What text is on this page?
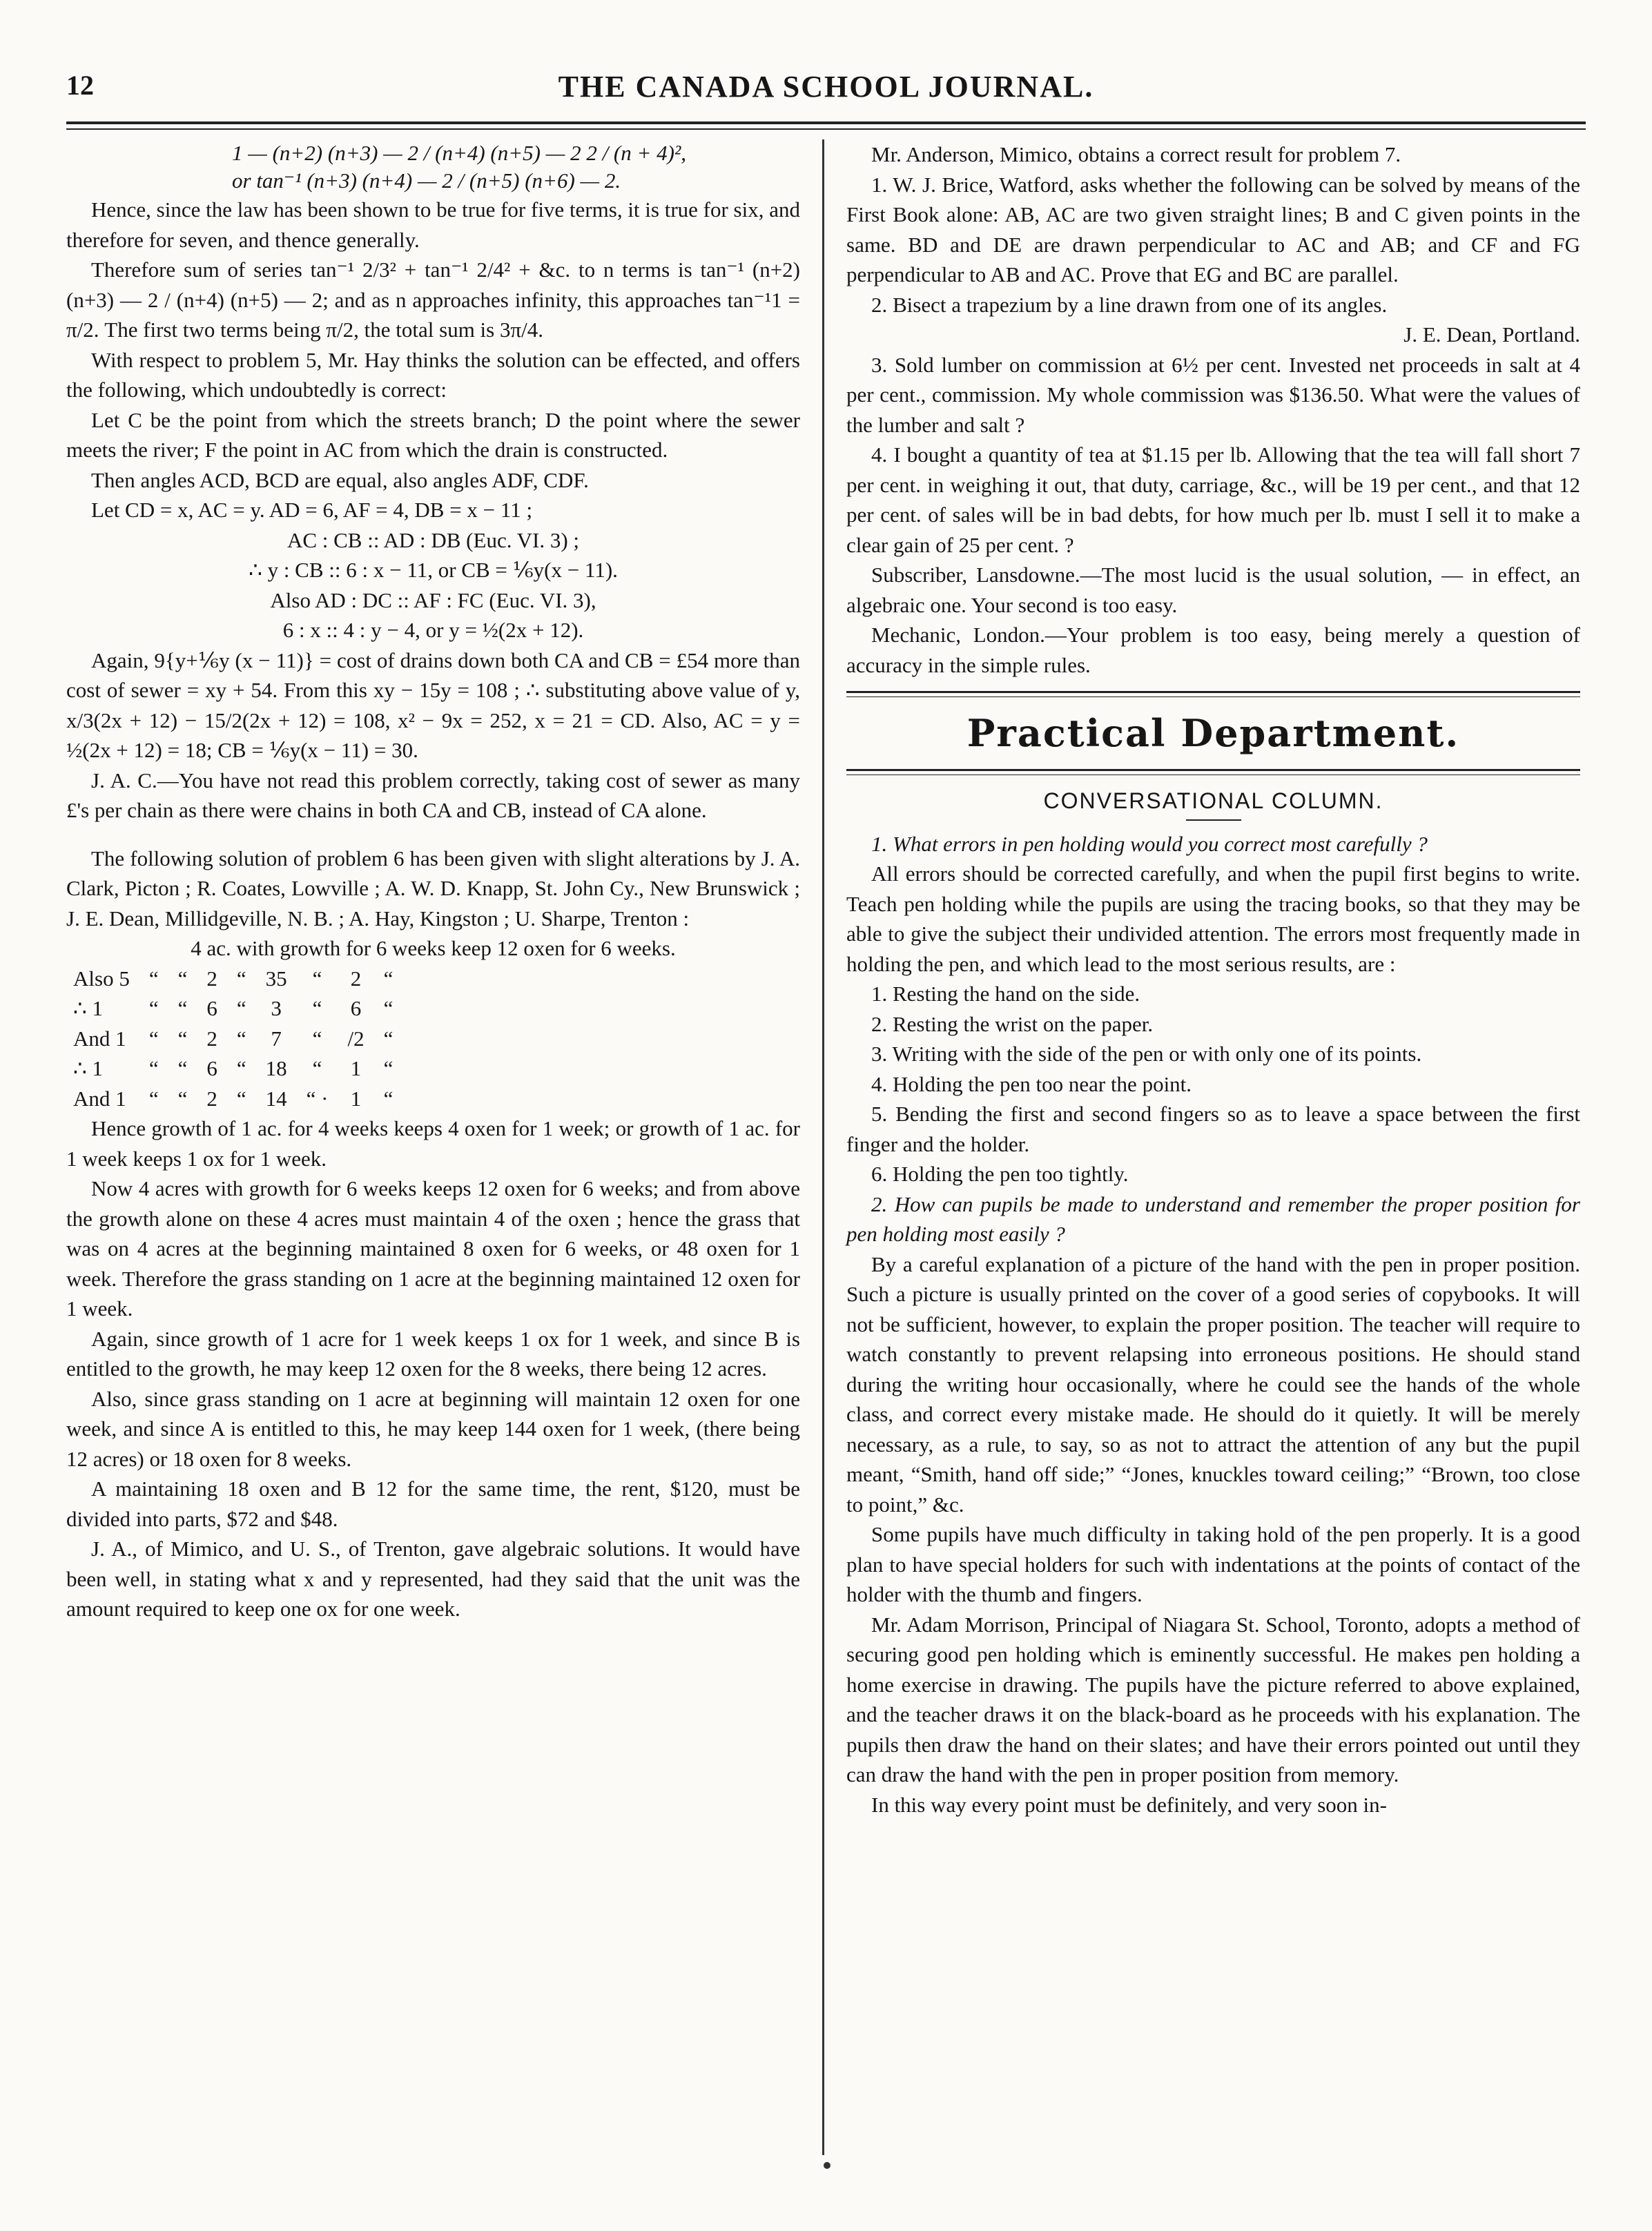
12	THE CANADA SCHOOL JOURNAL.

1 — (n+2) (n+3) — 2 / (n+4) (n+5) — 2 2 / (n + 4)²,

or tan⁻¹ (n+3) (n+4) — 2 / (n+5) (n+6) — 2.

Hence, since the law has been shown to be true for five terms, it is true for six, and therefore for seven, and thence generally.

Therefore sum of series tan⁻¹ 2/3² + tan⁻¹ 2/4² + &c. to n terms is tan⁻¹ (n+2) (n+3) — 2 / (n+4) (n+5) — 2; and as n approaches infinity, this approaches tan⁻¹1 = π/2. The first two terms being π/2, the total sum is 3π/4.

With respect to problem 5, Mr. Hay thinks the solution can be effected, and offers the following, which undoubtedly is correct:

Let C be the point from which the streets branch; D the point where the sewer meets the river; F the point in AC from which the drain is constructed.

Then angles ACD, BCD are equal, also angles ADF, CDF.

Let CD = x, AC = y. AD = 6, AF = 4, DB = x − 11 ;

AC : CB :: AD : DB (Euc. VI. 3) ;

∴ y : CB :: 6 : x − 11, or CB = ⅙y(x − 11).

Also AD : DC :: AF : FC (Euc. VI. 3),

6 : x :: 4 : y − 4, or y = ½(2x + 12).

Again, 9{y+⅙y (x − 11)} = cost of drains down both CA and CB = £54 more than cost of sewer = xy + 54. From this xy − 15y = 108 ; ∴ substituting above value of y, x/3(2x + 12) − 15/2(2x + 12) = 108, x² − 9x = 252, x = 21 = CD. Also, AC = y = ½(2x + 12) = 18; CB = ⅙y(x − 11) = 30.

J. A. C.—You have not read this problem correctly, taking cost of sewer as many £'s per chain as there were chains in both CA and CB, instead of CA alone.

The following solution of problem 6 has been given with slight alterations by J. A. Clark, Picton ; R. Coates, Lowville ; A. W. D. Knapp, St. John Cy., New Brunswick ; J. E. Dean, Millidgeville, N. B. ; A. Hay, Kingston ; U. Sharpe, Trenton :

4 ac. with growth for 6 weeks keep 12 oxen for 6 weeks.

Also 5	“	“	2	“	35	“	2	“
∴ 1	“	“	6	“	3	“	6	“
And 1	“	“	2	“	7	“	/2	“
∴ 1	“	“	6	“	18	“	1	“
And 1	“	“	2	“	14	“ ·	1	“

Hence growth of 1 ac. for 4 weeks keeps 4 oxen for 1 week; or growth of 1 ac. for 1 week keeps 1 ox for 1 week.

Now 4 acres with growth for 6 weeks keeps 12 oxen for 6 weeks; and from above the growth alone on these 4 acres must maintain 4 of the oxen ; hence the grass that was on 4 acres at the beginning maintained 8 oxen for 6 weeks, or 48 oxen for 1 week. Therefore the grass standing on 1 acre at the beginning maintained 12 oxen for 1 week.

Again, since growth of 1 acre for 1 week keeps 1 ox for 1 week, and since B is entitled to the growth, he may keep 12 oxen for the 8 weeks, there being 12 acres.

Also, since grass standing on 1 acre at beginning will maintain 12 oxen for one week, and since A is entitled to this, he may keep 144 oxen for 1 week, (there being 12 acres) or 18 oxen for 8 weeks.

A maintaining 18 oxen and B 12 for the same time, the rent, $120, must be divided into parts, $72 and $48.

J. A., of Mimico, and U. S., of Trenton, gave algebraic solutions. It would have been well, in stating what x and y represented, had they said that the unit was the amount required to keep one ox for one week.

Mr. Anderson, Mimico, obtains a correct result for problem 7.

1. W. J. Brice, Watford, asks whether the following can be solved by means of the First Book alone: AB, AC are two given straight lines; B and C given points in the same. BD and DE are drawn perpendicular to AC and AB; and CF and FG perpendicular to AB and AC. Prove that EG and BC are parallel.

2. Bisect a trapezium by a line drawn from one of its angles.

J. E. Dean, Portland.

3. Sold lumber on commission at 6½ per cent. Invested net proceeds in salt at 4 per cent., commission. My whole commission was $136.50. What were the values of the lumber and salt ?

4. I bought a quantity of tea at $1.15 per lb. Allowing that the tea will fall short 7 per cent. in weighing it out, that duty, carriage, &c., will be 19 per cent., and that 12 per cent. of sales will be in bad debts, for how much per lb. must I sell it to make a clear gain of 25 per cent. ?

Subscriber, Lansdowne.—The most lucid is the usual solution, — in effect, an algebraic one. Your second is too easy.

Mechanic, London.—Your problem is too easy, being merely a question of accuracy in the simple rules.

Practical Department.
CONVERSATIONAL COLUMN.

1. What errors in pen holding would you correct most carefully ?

All errors should be corrected carefully, and when the pupil first begins to write. Teach pen holding while the pupils are using the tracing books, so that they may be able to give the subject their undivided attention. The errors most frequently made in holding the pen, and which lead to the most serious results, are :

1. Resting the hand on the side.

2. Resting the wrist on the paper.

3. Writing with the side of the pen or with only one of its points.

4. Holding the pen too near the point.

5. Bending the first and second fingers so as to leave a space between the first finger and the holder.

6. Holding the pen too tightly.

2. How can pupils be made to understand and remember the proper position for pen holding most easily ?

By a careful explanation of a picture of the hand with the pen in proper position. Such a picture is usually printed on the cover of a good series of copybooks. It will not be sufficient, however, to explain the proper position. The teacher will require to watch constantly to prevent relapsing into erroneous positions. He should stand during the writing hour occasionally, where he could see the hands of the whole class, and correct every mistake made. He should do it quietly. It will be merely necessary, as a rule, to say, so as not to attract the attention of any but the pupil meant, “Smith, hand off side;” “Jones, knuckles toward ceiling;” “Brown, too close to point,” &c.

Some pupils have much difficulty in taking hold of the pen properly. It is a good plan to have special holders for such with indentations at the points of contact of the holder with the thumb and fingers.

Mr. Adam Morrison, Principal of Niagara St. School, Toronto, adopts a method of securing good pen holding which is eminently successful. He makes pen holding a home exercise in drawing. The pupils have the picture referred to above explained, and the teacher draws it on the black-board as he proceeds with his explanation. The pupils then draw the hand on their slates; and have their errors pointed out until they can draw the hand with the pen in proper position from memory.

In this way every point must be definitely, and very soon in-
